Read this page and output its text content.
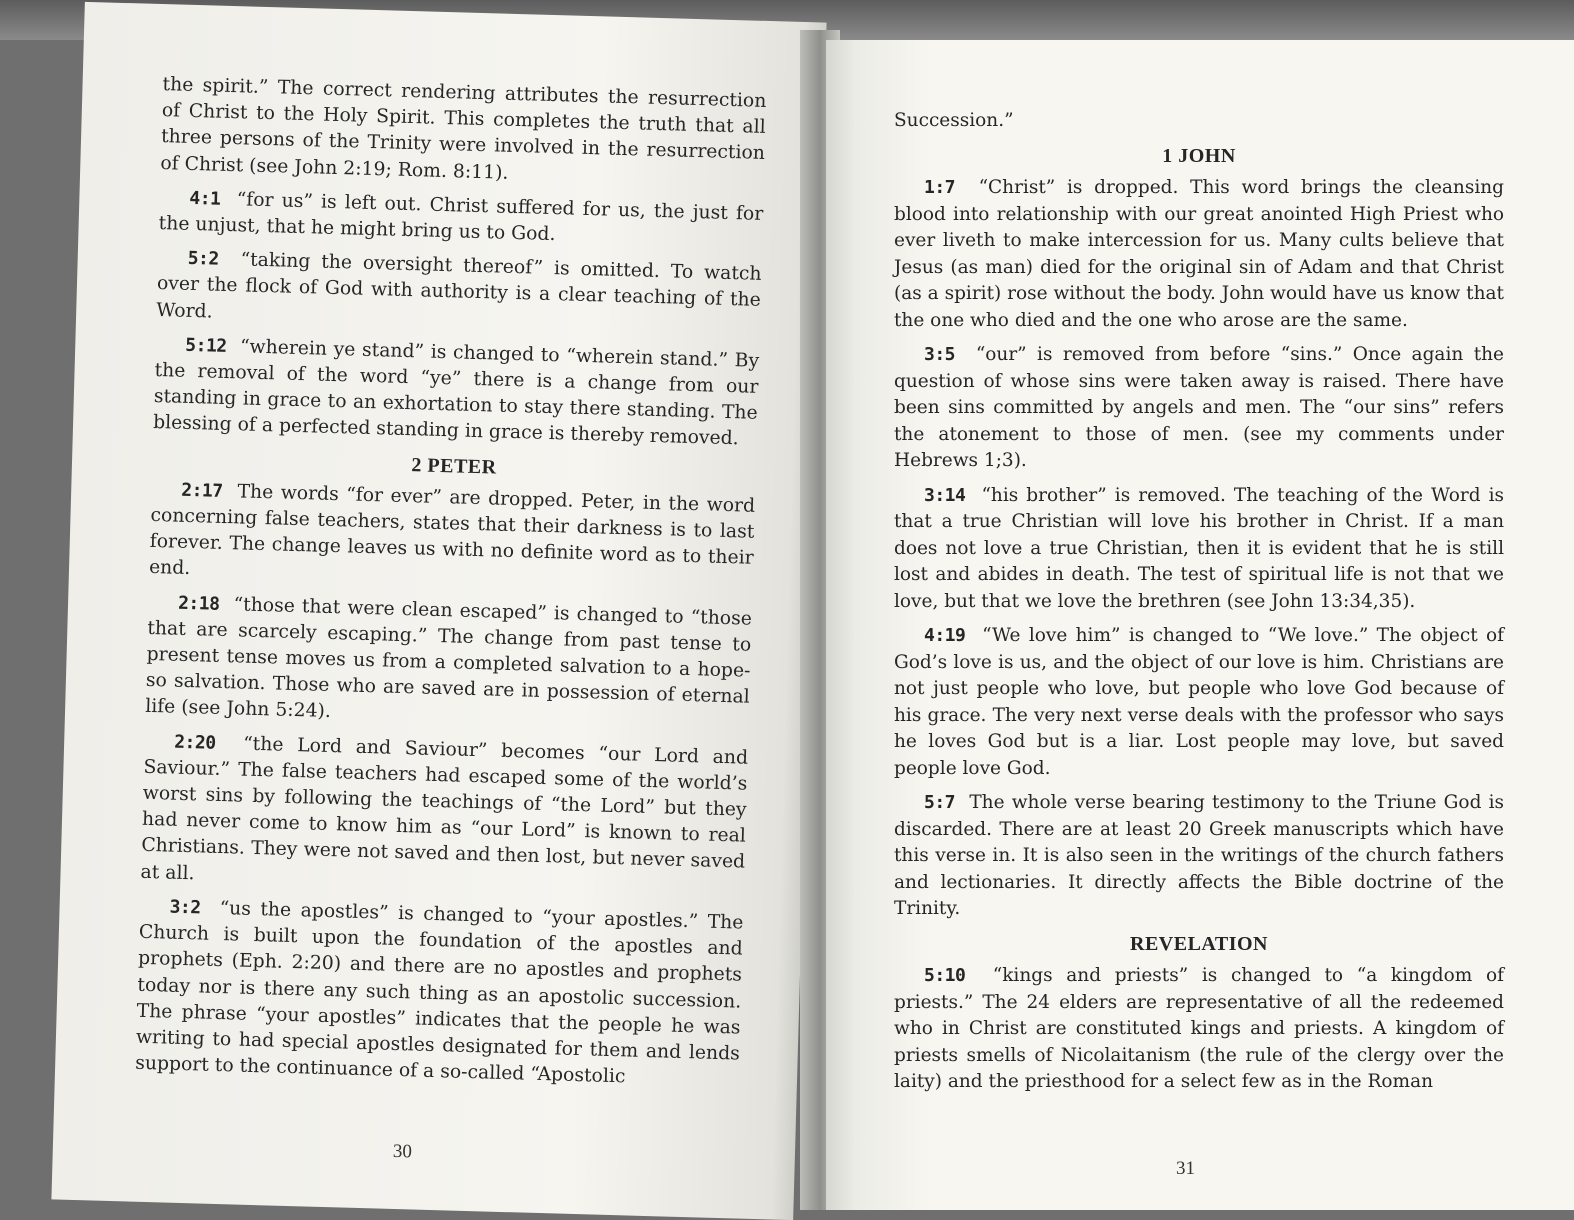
the spirit.” The correct rendering attributes the resurrection of Christ to the Holy Spirit. This completes the truth that all three persons of the Trinity were involved in the resurrection of Christ (see John 2:19; Rom. 8:11).

4:1 “for us” is left out. Christ suffered for us, the just for the unjust, that he might bring us to God.

5:2 “taking the oversight thereof” is omitted. To watch over the flock of God with authority is a clear teaching of the Word.

5:12 “wherein ye stand” is changed to “wherein stand.” By the removal of the word “ye” there is a change from our standing in grace to an exhortation to stay there standing. The blessing of a perfected standing in grace is thereby removed.

2 PETER

2:17 The words “for ever” are dropped. Peter, in the word concerning false teachers, states that their darkness is to last forever. The change leaves us with no definite word as to their end.

2:18 “those that were clean escaped” is changed to “those that are scarcely escaping.” The change from past tense to present tense moves us from a completed salvation to a hope-so salvation. Those who are saved are in possession of eternal life (see John 5:24).

2:20 “the Lord and Saviour” becomes “our Lord and Saviour.” The false teachers had escaped some of the world’s worst sins by following the teachings of “the Lord” but they had never come to know him as “our Lord” is known to real Christians. They were not saved and then lost, but never saved at all.

3:2 “us the apostles” is changed to “your apostles.” The Church is built upon the foundation of the apostles and prophets (Eph. 2:20) and there are no apostles and prophets today nor is there any such thing as an apostolic succession. The phrase “your apostles” indicates that the people he was writing to had special apostles designated for them and lends support to the continuance of a so-called “Apostolic

30

Succession.”

1 JOHN

1:7 “Christ” is dropped. This word brings the cleansing blood into relationship with our great anointed High Priest who ever liveth to make intercession for us. Many cults believe that Jesus (as man) died for the original sin of Adam and that Christ (as a spirit) rose without the body. John would have us know that the one who died and the one who arose are the same.

3:5 “our” is removed from before “sins.” Once again the question of whose sins were taken away is raised. There have been sins committed by angels and men. The “our sins” refers the atonement to those of men. (see my comments under Hebrews 1;3).

3:14 “his brother” is removed. The teaching of the Word is that a true Christian will love his brother in Christ. If a man does not love a true Christian, then it is evident that he is still lost and abides in death. The test of spiritual life is not that we love, but that we love the brethren (see John 13:34,35).

4:19 “We love him” is changed to “We love.” The object of God’s love is us, and the object of our love is him. Christians are not just people who love, but people who love God because of his grace. The very next verse deals with the professor who says he loves God but is a liar. Lost people may love, but saved people love God.

5:7 The whole verse bearing testimony to the Triune God is discarded. There are at least 20 Greek manuscripts which have this verse in. It is also seen in the writings of the church fathers and lectionaries. It directly affects the Bible doctrine of the Trinity.

REVELATION

5:10 “kings and priests” is changed to “a kingdom of priests.” The 24 elders are representative of all the redeemed who in Christ are constituted kings and priests. A kingdom of priests smells of Nicolaitanism (the rule of the clergy over the laity) and the priesthood for a select few as in the Roman

31
